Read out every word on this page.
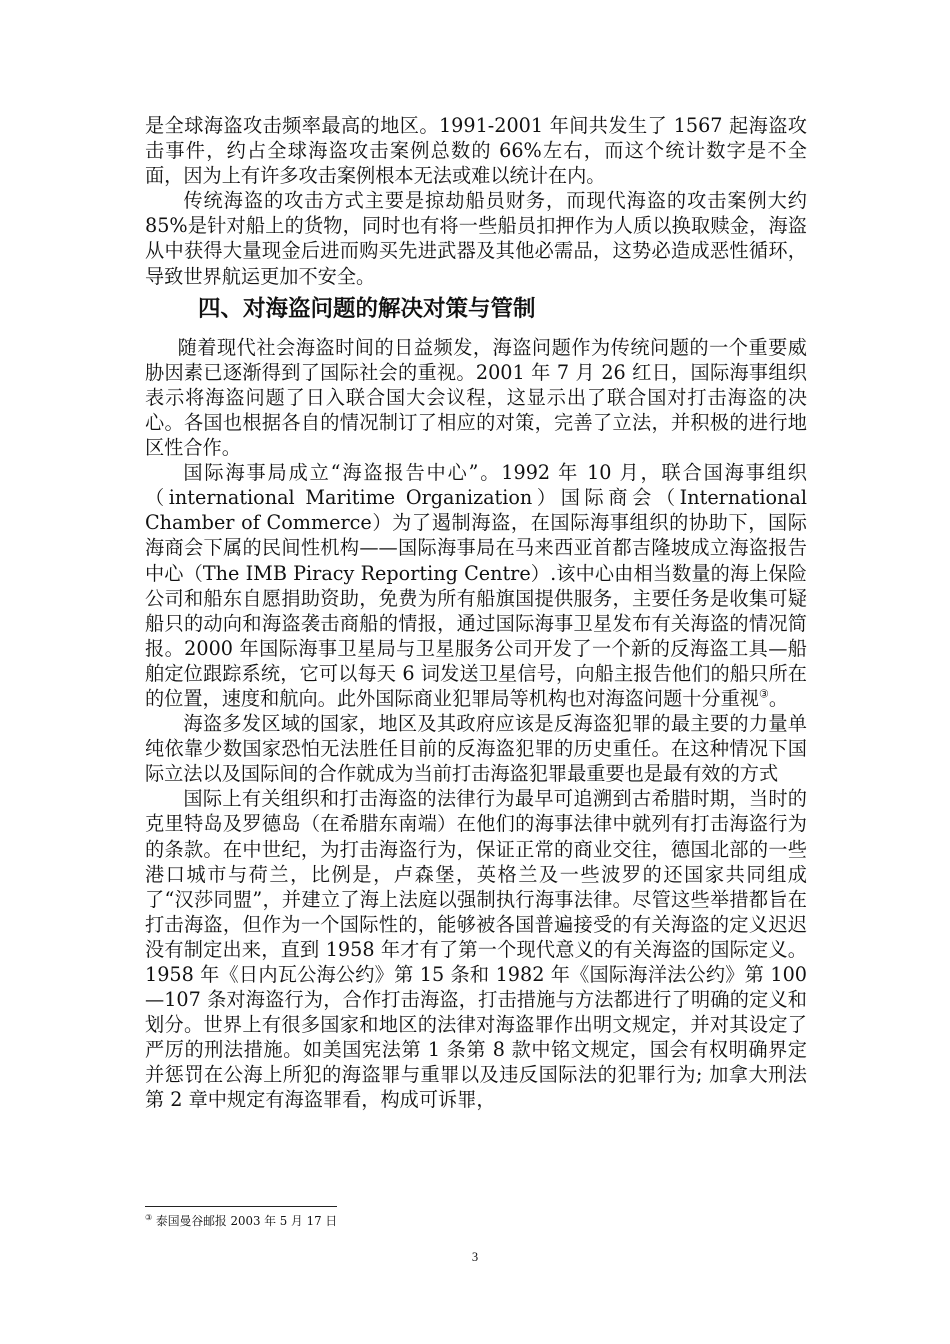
是全球海盗攻击频率最高的地区。1991-2001 年间共发生了 1567 起海盗攻击事件，约占全球海盗攻击案例总数的 66%左右，而这个统计数字是不全面，因为上有许多攻击案例根本无法或难以统计在内。

传统海盗的攻击方式主要是掠劫船员财务，而现代海盗的攻击案例大约 85%是针对船上的货物，同时也有将一些船员扣押作为人质以换取赎金，海盗从中获得大量现金后进而购买先进武器及其他必需品，这势必造成恶性循环，导致世界航运更加不安全。

四、对海盗问题的解决对策与管制

随着现代社会海盗时间的日益频发，海盗问题作为传统问题的一个重要威胁因素已逐渐得到了国际社会的重视。2001 年 7 月 26 红日，国际海事组织表示将海盗问题了日入联合国大会议程，这显示出了联合国对打击海盗的决心。各国也根据各自的情况制订了相应的对策，完善了立法，并积极的进行地区性合作。

国际海事局成立“海盗报告中心”。1992 年 10 月，联合国海事组织（international Maritime Organization）国际商会（International Chamber of Commerce）为了遏制海盗，在国际海事组织的协助下，国际海商会下属的民间性机构——国际海事局在马来西亚首都吉隆坡成立海盗报告中心（The IMB Piracy Reporting Centre）.该中心由相当数量的海上保险公司和船东自愿捐助资助，免费为所有船旗国提供服务，主要任务是收集可疑船只的动向和海盗袭击商船的情报，通过国际海事卫星发布有关海盗的情况简报。2000 年国际海事卫星局与卫星服务公司开发了一个新的反海盗工具—船舶定位跟踪系统，它可以每天 6 词发送卫星信号，向船主报告他们的船只所在的位置，速度和航向。此外国际商业犯罪局等机构也对海盗问题十分重视③。

海盗多发区域的国家，地区及其政府应该是反海盗犯罪的最主要的力量单纯依靠少数国家恐怕无法胜任目前的反海盗犯罪的历史重任。在这种情况下国际立法以及国际间的合作就成为当前打击海盗犯罪最重要也是最有效的方式

国际上有关组织和打击海盗的法律行为最早可追溯到古希腊时期，当时的克里特岛及罗德岛（在希腊东南端）在他们的海事法律中就列有打击海盗行为的条款。在中世纪，为打击海盗行为，保证正常的商业交往，德国北部的一些港口城市与荷兰，比例是，卢森堡，英格兰及一些波罗的还国家共同组成了“汉莎同盟”，并建立了海上法庭以强制执行海事法律。尽管这些举措都旨在打击海盗，但作为一个国际性的，能够被各国普遍接受的有关海盗的定义迟迟没有制定出来，直到 1958 年才有了第一个现代意义的有关海盗的国际定义。1958 年《日内瓦公海公约》第 15 条和 1982 年《国际海洋法公约》第 100—107 条对海盗行为，合作打击海盗，打击措施与方法都进行了明确的定义和划分。世界上有很多国家和地区的法律对海盗罪作出明文规定，并对其设定了严厉的刑法措施。如美国宪法第 1 条第 8 款中铭文规定，国会有权明确界定并惩罚在公海上所犯的海盗罪与重罪以及违反国际法的犯罪行为; 加拿大刑法第 2 章中规定有海盗罪看，构成可诉罪，

③ 泰国曼谷邮报 2003 年 5 月 17 日
3
